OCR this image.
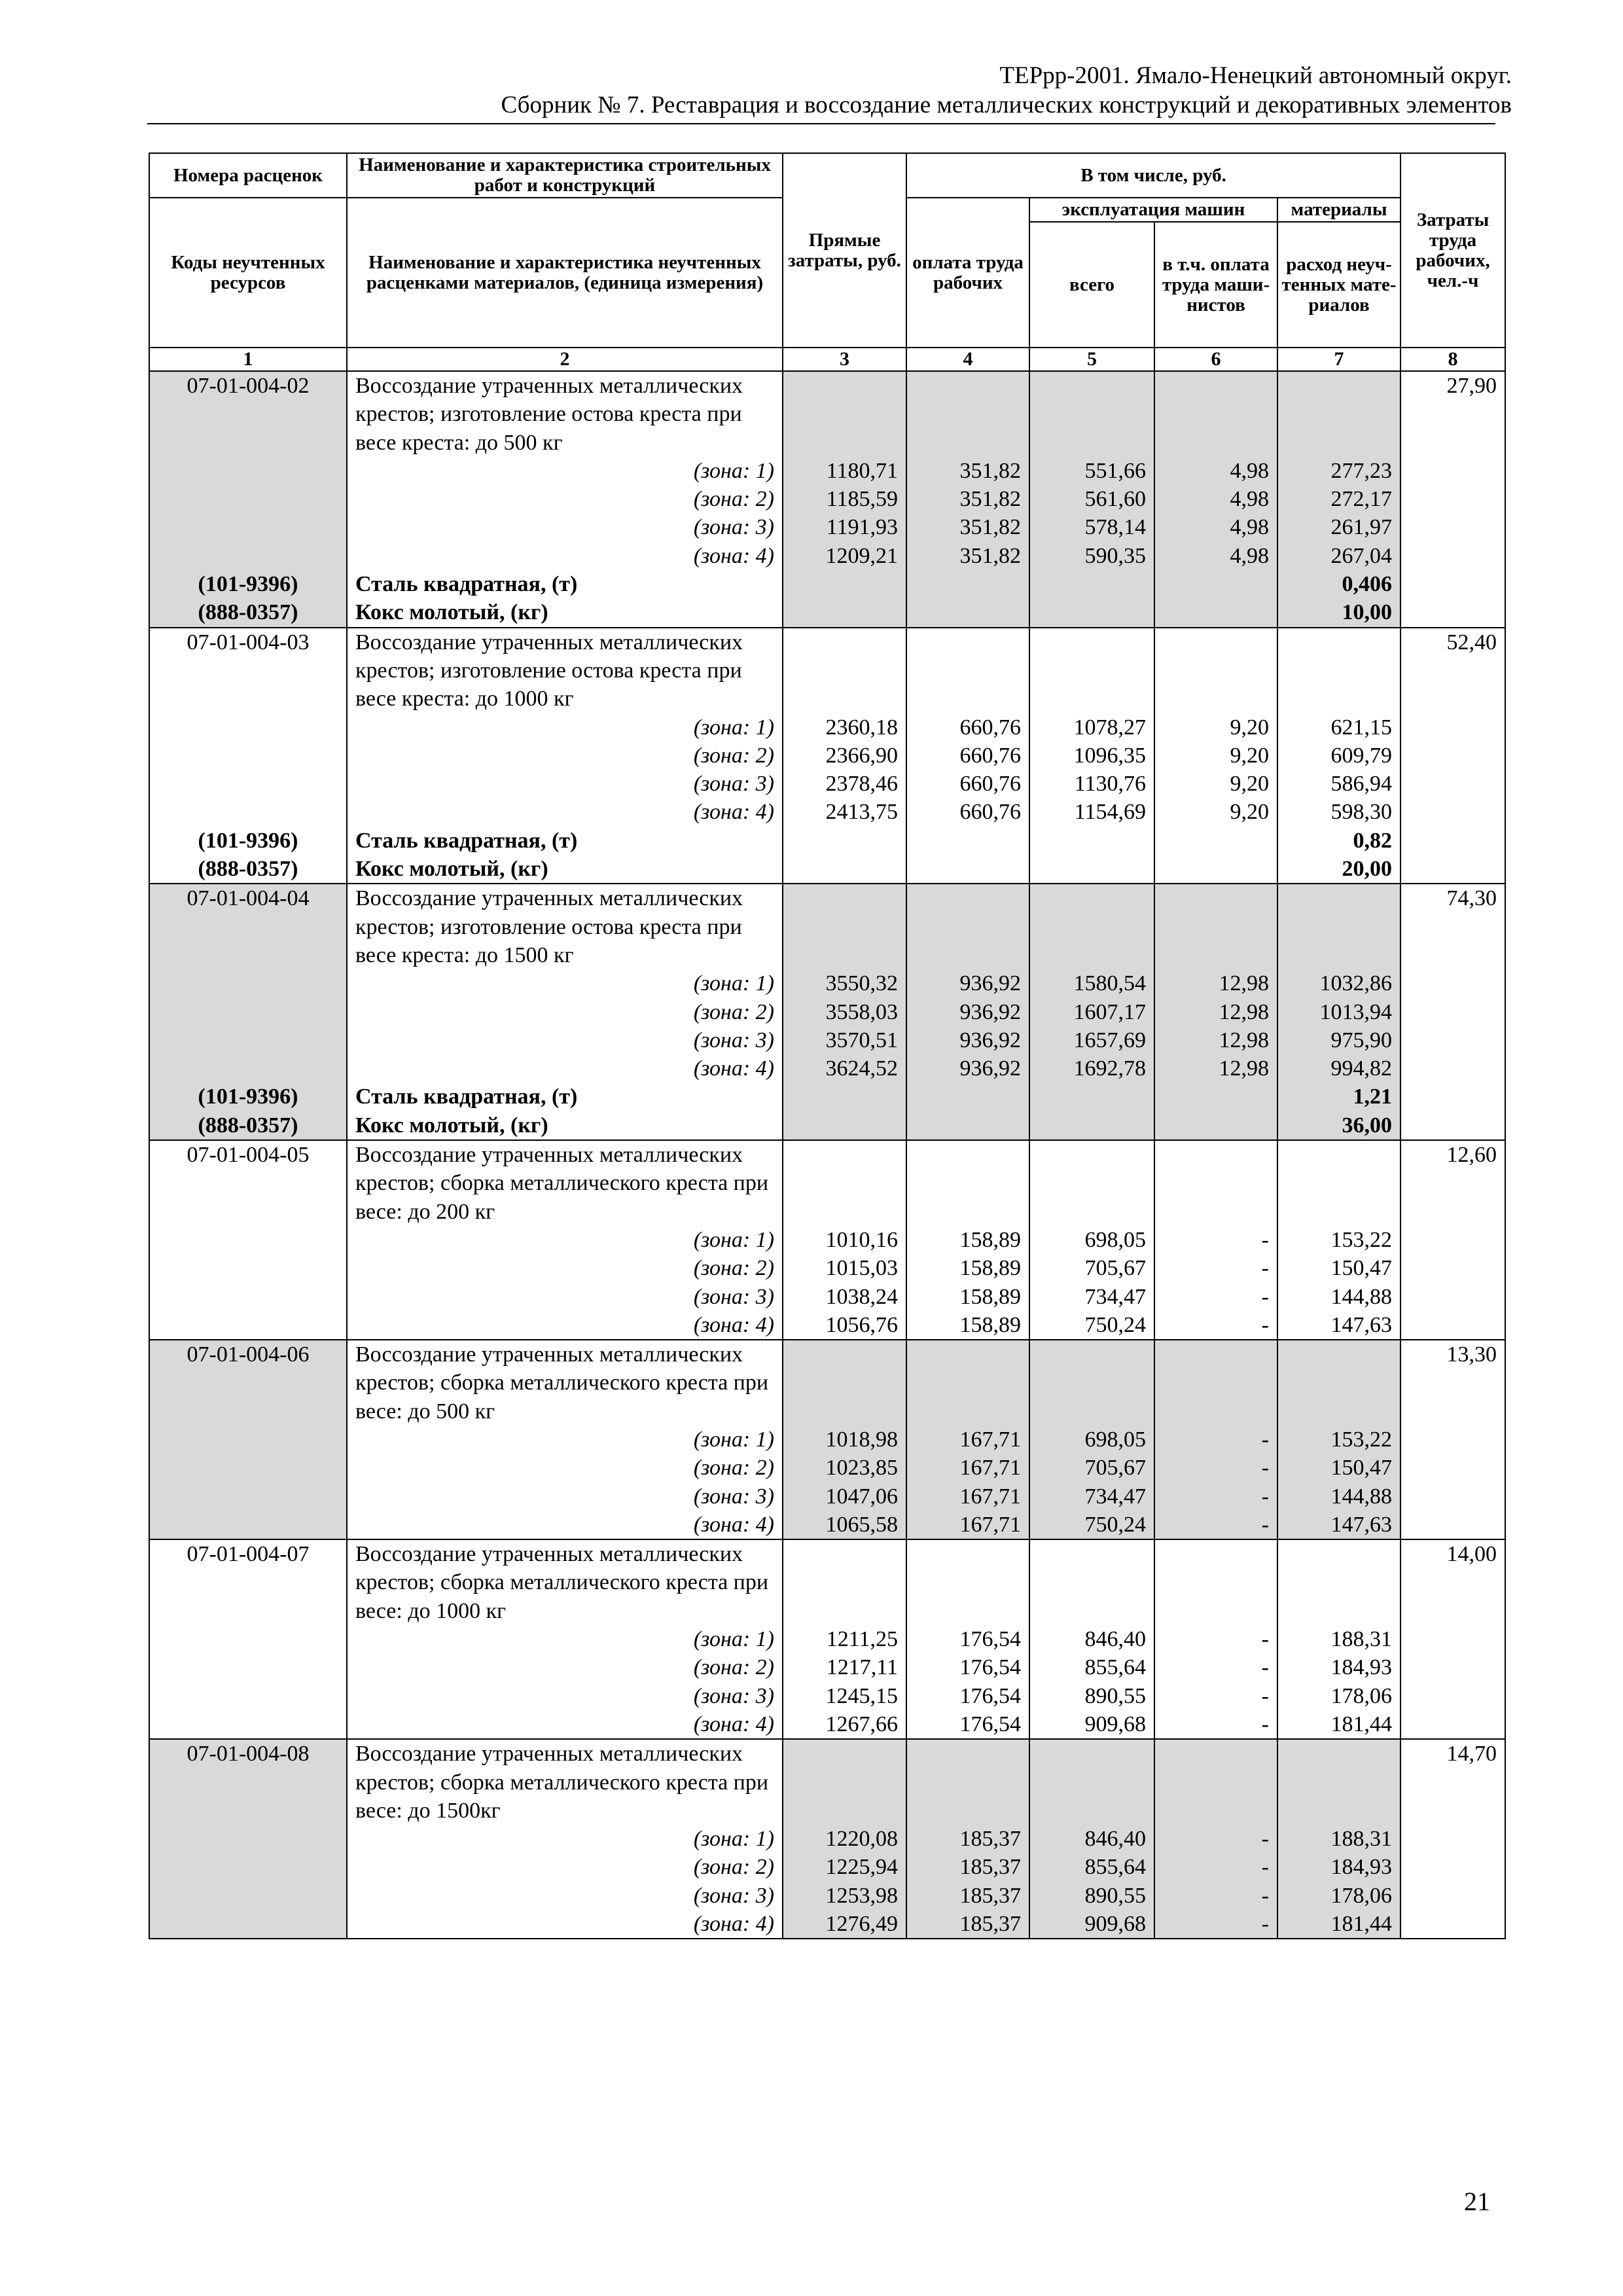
ТЕРрр-2001. Ямало-Ненецкий автономный округ.
Сборник № 7. Реставрация и воссоздание металлических конструкций и декоративных элементов
Номера расценок	Наименование и характеристика строительных работ и конструкций	Прямые затраты, руб.	В том числе, руб.				Затраты труда рабочих, чел.-ч
Коды неучтенных ресурсов	Наименование и характеристика неучтенных расценками материалов, (единица измерения)		оплата труда рабочих	эксплуатация машин		материалы	
				всего	в т.ч. оплата труда маши-нистов	расход неуч-тенных мате-риалов	
1	2	3	4	5	6	7	8
07-01-004-02	Воссоздание утраченных металлических крестов; изготовление остова креста при весе креста: до 500 кг						27,90
	(зона: 1)	1180,71	351,82	551,66	4,98	277,23	
	(зона: 2)	1185,59	351,82	561,60	4,98	272,17	
	(зона: 3)	1191,93	351,82	578,14	4,98	261,97	
	(зона: 4)	1209,21	351,82	590,35	4,98	267,04	
(101-9396)	Сталь квадратная, (т)					0,406	
(888-0357)	Кокс молотый, (кг)					10,00	
07-01-004-03	Воссоздание утраченных металлических крестов; изготовление остова креста при весе креста: до 1000 кг						52,40
	(зона: 1)	2360,18	660,76	1078,27	9,20	621,15	
	(зона: 2)	2366,90	660,76	1096,35	9,20	609,79	
	(зона: 3)	2378,46	660,76	1130,76	9,20	586,94	
	(зона: 4)	2413,75	660,76	1154,69	9,20	598,30	
(101-9396)	Сталь квадратная, (т)					0,82	
(888-0357)	Кокс молотый, (кг)					20,00	
07-01-004-04	Воссоздание утраченных металлических крестов; изготовление остова креста при весе креста: до 1500 кг						74,30
	(зона: 1)	3550,32	936,92	1580,54	12,98	1032,86	
	(зона: 2)	3558,03	936,92	1607,17	12,98	1013,94	
	(зона: 3)	3570,51	936,92	1657,69	12,98	975,90	
	(зона: 4)	3624,52	936,92	1692,78	12,98	994,82	
(101-9396)	Сталь квадратная, (т)					1,21	
(888-0357)	Кокс молотый, (кг)					36,00	
07-01-004-05	Воссоздание утраченных металлических крестов; сборка металлического креста при весе: до 200 кг						12,60
	(зона: 1)	1010,16	158,89	698,05	-	153,22	
	(зона: 2)	1015,03	158,89	705,67	-	150,47	
	(зона: 3)	1038,24	158,89	734,47	-	144,88	
	(зона: 4)	1056,76	158,89	750,24	-	147,63	
07-01-004-06	Воссоздание утраченных металлических крестов; сборка металлического креста при весе: до 500 кг						13,30
	(зона: 1)	1018,98	167,71	698,05	-	153,22	
	(зона: 2)	1023,85	167,71	705,67	-	150,47	
	(зона: 3)	1047,06	167,71	734,47	-	144,88	
	(зона: 4)	1065,58	167,71	750,24	-	147,63	
07-01-004-07	Воссоздание утраченных металлических крестов; сборка металлического креста при весе: до 1000 кг						14,00
	(зона: 1)	1211,25	176,54	846,40	-	188,31	
	(зона: 2)	1217,11	176,54	855,64	-	184,93	
	(зона: 3)	1245,15	176,54	890,55	-	178,06	
	(зона: 4)	1267,66	176,54	909,68	-	181,44	
07-01-004-08	Воссоздание утраченных металлических крестов; сборка металлического креста при весе: до 1500кг						14,70
	(зона: 1)	1220,08	185,37	846,40	-	188,31	
	(зона: 2)	1225,94	185,37	855,64	-	184,93	
	(зона: 3)	1253,98	185,37	890,55	-	178,06	
	(зона: 4)	1276,49	185,37	909,68	-	181,44	
21
